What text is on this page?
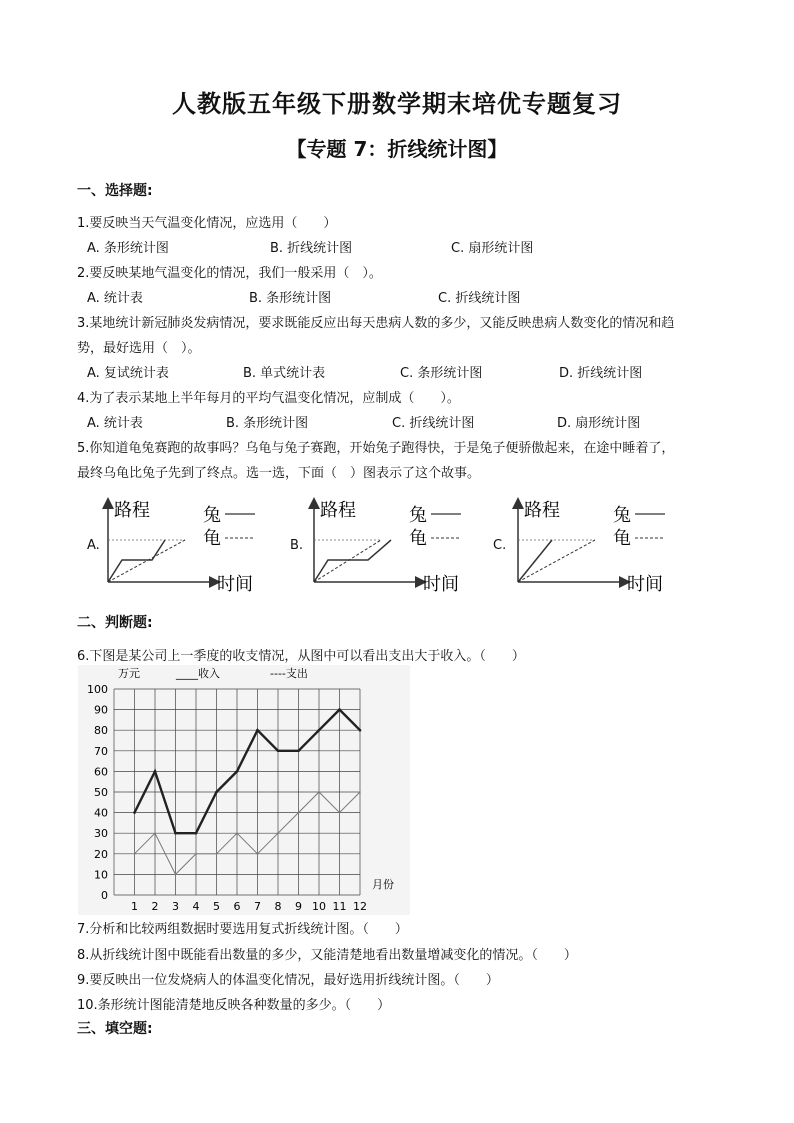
人教版五年级下册数学期末培优专题复习
【专题 7：折线统计图】
一、选择题:
1.要反映当天气温变化情况，应选用（　　）
A. 条形统计图	B. 折线统计图	C. 扇形统计图
2.要反映某地气温变化的情况，我们一般采用（　）。
A. 统计表	B. 条形统计图	C. 折线统计图
3.某地统计新冠肺炎发病情况，要求既能反应出每天患病人数的多少，又能反映患病人数变化的情况和趋
势，最好选用（　）。
A. 复试统计表	B. 单式统计表	C. 条形统计图	D. 折线统计图
4.为了表示某地上半年每月的平均气温变化情况，应制成（　　）。
A. 统计表	B. 条形统计图	C. 折线统计图	D. 扇形统计图
5.你知道龟兔赛跑的故事吗？乌龟与兔子赛跑，开始兔子跑得快，于是兔子便骄傲起来，在途中睡着了，
最终乌龟比兔子先到了终点。选一选，下面（　）图表示了这个故事。
A.	B.	C.
路程
时间
兔
龟
路程
时间
兔
龟
路程
时间
兔
龟
二、判断题:
6.下图是某公司上一季度的收支情况，从图中可以看出支出大于收入。（　　）
0
10
20
30
40
50
60
70
80
90
100
1 2 3 4 5 6 7 8 9 10 11 12
万元	____收入	----支出
月份
7.分析和比较两组数据时要选用复式折线统计图。（　　）
8.从折线统计图中既能看出数量的多少，又能清楚地看出数量增减变化的情况。（　　）
9.要反映出一位发烧病人的体温变化情况，最好选用折线统计图。（　　）
10.条形统计图能清楚地反映各种数量的多少。（　　）
三、填空题:
